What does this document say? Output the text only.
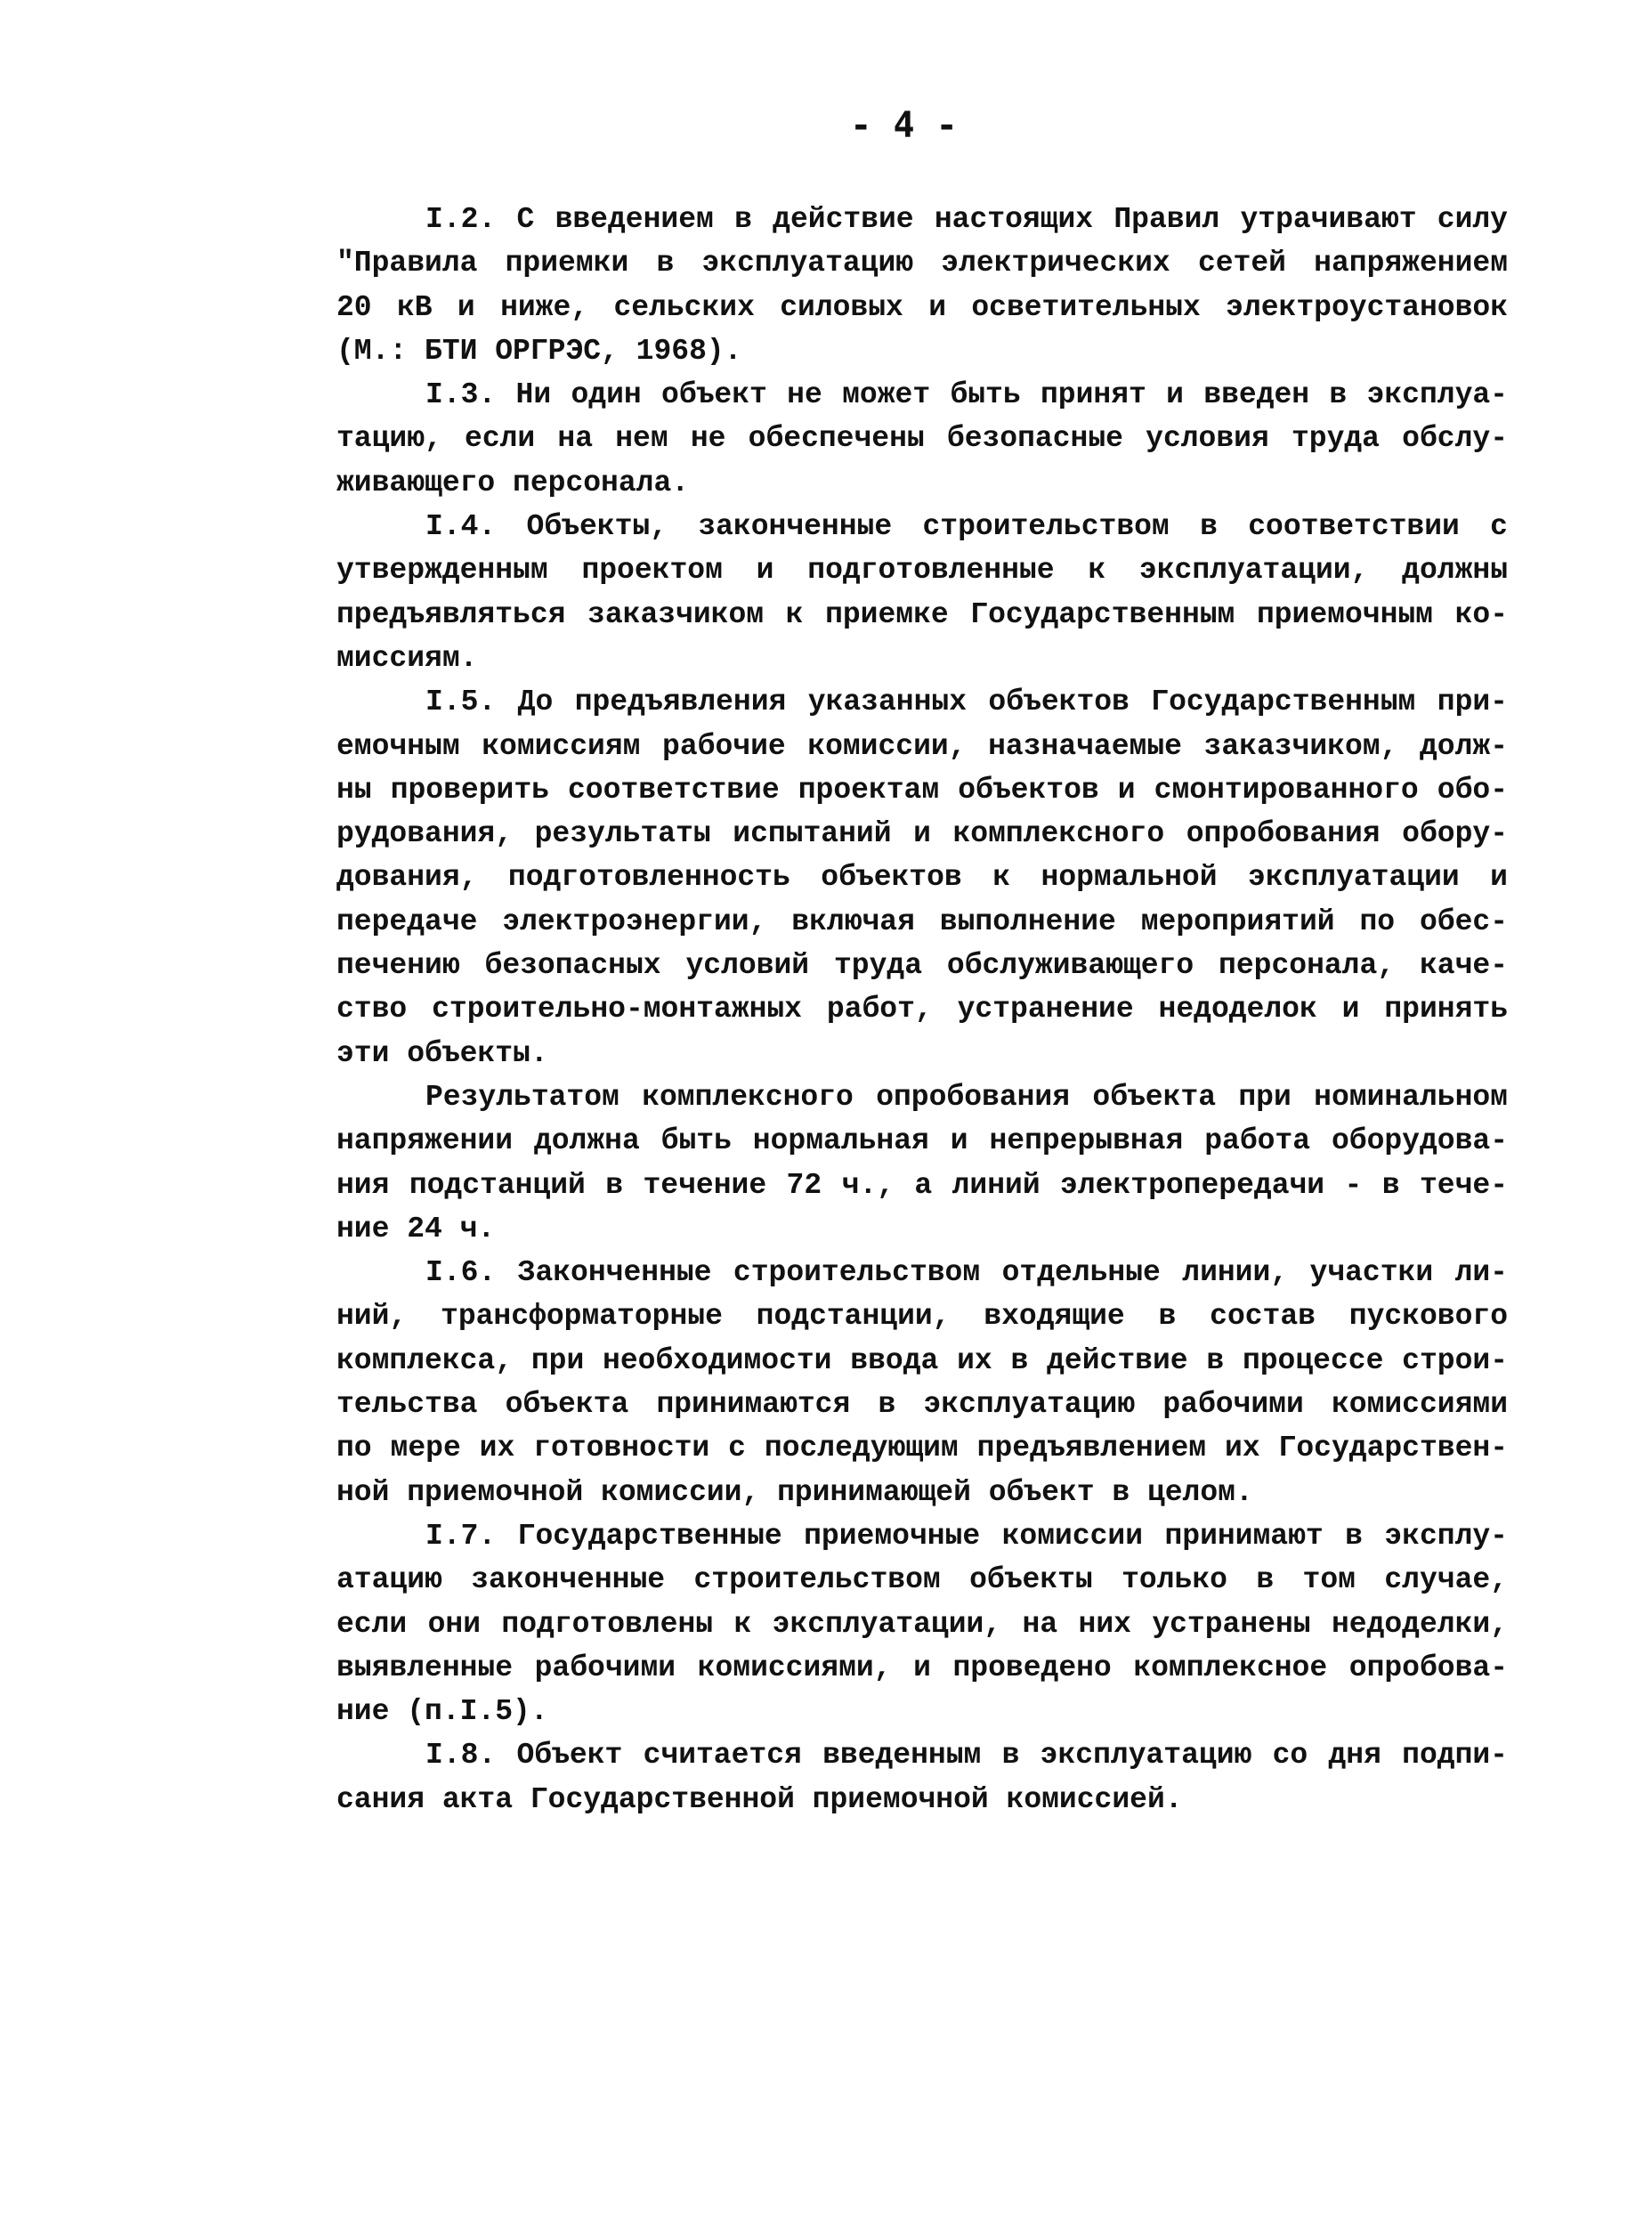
- 4 -
I.2. С введением в действие настоящих Правил утрачивают силу
"Правила приемки в эксплуатацию электрических сетей напряжением
20 кВ и ниже, сельских силовых и осветительных электроустановок
(М.: БТИ ОРГРЭС, 1968).
I.3. Ни один объект не может быть принят и введен в эксплуа-
тацию, если на нем не обеспечены безопасные условия труда обслу-
живающего персонала.
I.4. Объекты, законченные строительством в соответствии с
утвержденным проектом и подготовленные к эксплуатации, должны
предъявляться заказчиком к приемке Государственным приемочным ко-
миссиям.
I.5. До предъявления указанных объектов Государственным при-
емочным комиссиям рабочие комиссии, назначаемые заказчиком, долж-
ны проверить соответствие проектам объектов и смонтированного обо-
рудования, результаты испытаний и комплексного опробования обору-
дования, подготовленность объектов к нормальной эксплуатации и
передаче электроэнергии, включая выполнение мероприятий по обес-
печению безопасных условий труда обслуживающего персонала, каче-
ство строительно-монтажных работ, устранение недоделок и принять
эти объекты.
Результатом комплексного опробования объекта при номинальном
напряжении должна быть нормальная и непрерывная работа оборудова-
ния подстанций в течение 72 ч., а линий электропередачи - в тече-
ние 24 ч.
I.6. Законченные строительством отдельные линии, участки ли-
ний, трансформаторные подстанции, входящие в состав пускового
комплекса, при необходимости ввода их в действие в процессе строи-
тельства объекта принимаются в эксплуатацию рабочими комиссиями
по мере их готовности с последующим предъявлением их Государствен-
ной приемочной комиссии, принимающей объект в целом.
I.7. Государственные приемочные комиссии принимают в эксплу-
атацию законченные строительством объекты только в том случае,
если они подготовлены к эксплуатации, на них устранены недоделки,
выявленные рабочими комиссиями, и проведено комплексное опробова-
ние (п.I.5).
I.8. Объект считается введенным в эксплуатацию со дня подпи-
сания акта Государственной приемочной комиссией.
